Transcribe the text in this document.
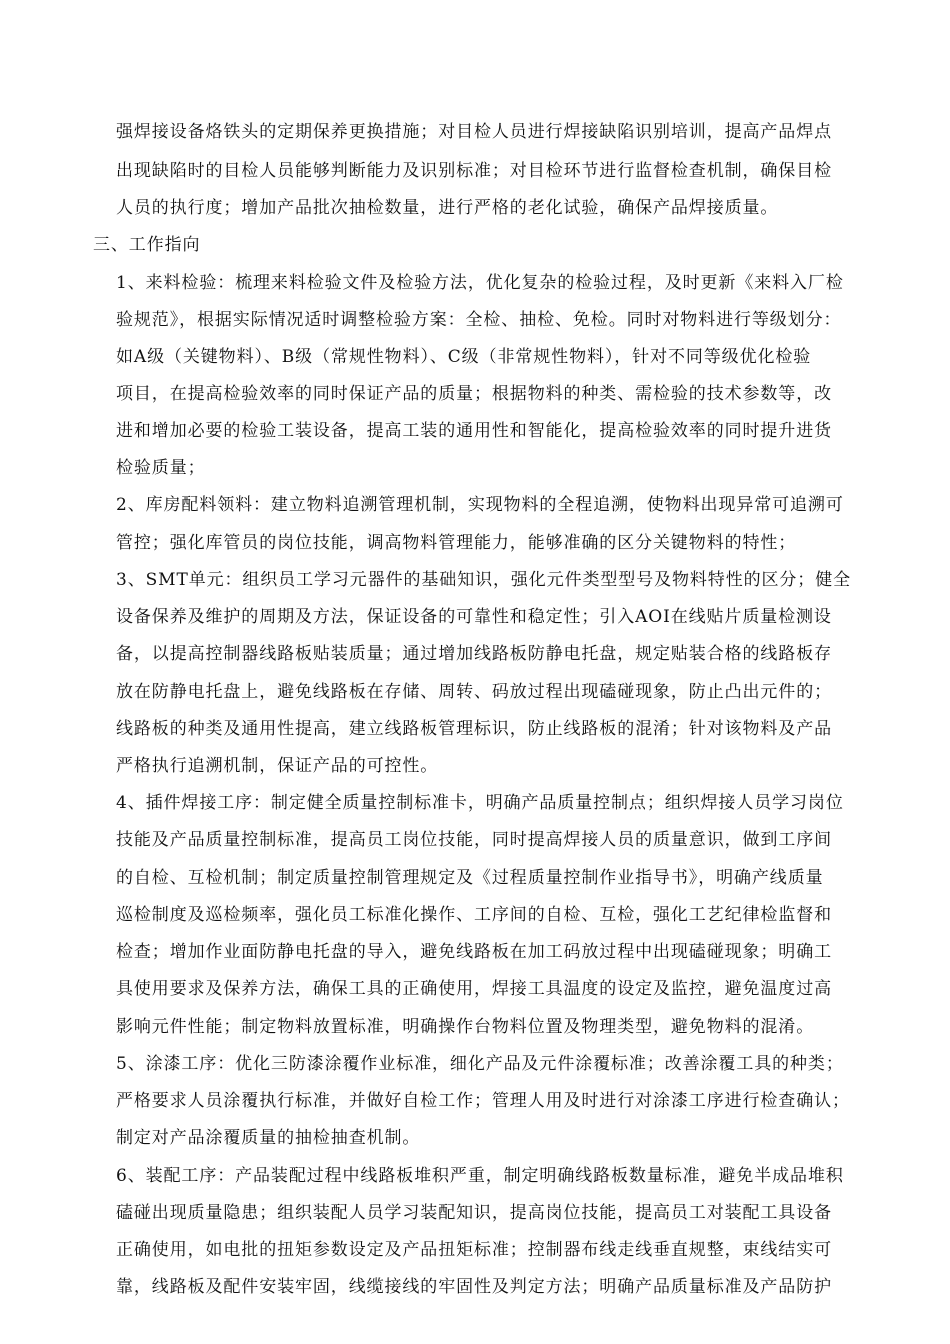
强焊接设备烙铁头的定期保养更换措施；对目检人员进行焊接缺陷识别培训，提高产品焊点
出现缺陷时的目检人员能够判断能力及识别标准；对目检环节进行监督检查机制，确保目检
人员的执行度；增加产品批次抽检数量，进行严格的老化试验，确保产品焊接质量。
三、工作指向
1、来料检验：梳理来料检验文件及检验方法，优化复杂的检验过程，及时更新《来料入厂检
验规范》，根据实际情况适时调整检验方案：全检、抽检、免检。同时对物料进行等级划分：
如A级（关键物料）、B级（常规性物料）、C级（非常规性物料），针对不同等级优化检验
项目，在提高检验效率的同时保证产品的质量；根据物料的种类、需检验的技术参数等，改
进和增加必要的检验工装设备，提高工装的通用性和智能化，提高检验效率的同时提升进货
检验质量；
2、库房配料领料：建立物料追溯管理机制，实现物料的全程追溯，使物料出现异常可追溯可
管控；强化库管员的岗位技能，调高物料管理能力，能够准确的区分关键物料的特性；
3、SMT单元：组织员工学习元器件的基础知识，强化元件类型型号及物料特性的区分；健全
设备保养及维护的周期及方法，保证设备的可靠性和稳定性；引入AOI在线贴片质量检测设
备，以提高控制器线路板贴装质量；通过增加线路板防静电托盘，规定贴装合格的线路板存
放在防静电托盘上，避免线路板在存储、周转、码放过程出现磕碰现象，防止凸出元件的；
线路板的种类及通用性提高，建立线路板管理标识，防止线路板的混淆；针对该物料及产品
严格执行追溯机制，保证产品的可控性。
4、插件焊接工序：制定健全质量控制标准卡，明确产品质量控制点；组织焊接人员学习岗位
技能及产品质量控制标准，提高员工岗位技能，同时提高焊接人员的质量意识，做到工序间
的自检、互检机制；制定质量控制管理规定及《过程质量控制作业指导书》，明确产线质量
巡检制度及巡检频率，强化员工标准化操作、工序间的自检、互检，强化工艺纪律检监督和
检查；增加作业面防静电托盘的导入，避免线路板在加工码放过程中出现磕碰现象；明确工
具使用要求及保养方法，确保工具的正确使用，焊接工具温度的设定及监控，避免温度过高
影响元件性能；制定物料放置标准，明确操作台物料位置及物理类型，避免物料的混淆。
5、涂漆工序：优化三防漆涂覆作业标准，细化产品及元件涂覆标准；改善涂覆工具的种类；
严格要求人员涂覆执行标准，并做好自检工作；管理人用及时进行对涂漆工序进行检查确认；
制定对产品涂覆质量的抽检抽查机制。
6、装配工序：产品装配过程中线路板堆积严重，制定明确线路板数量标准，避免半成品堆积
磕碰出现质量隐患；组织装配人员学习装配知识，提高岗位技能，提高员工对装配工具设备
正确使用，如电批的扭矩参数设定及产品扭矩标准；控制器布线走线垂直规整，束线结实可
靠，线路板及配件安装牢固，线缆接线的牢固性及判定方法；明确产品质量标准及产品防护
